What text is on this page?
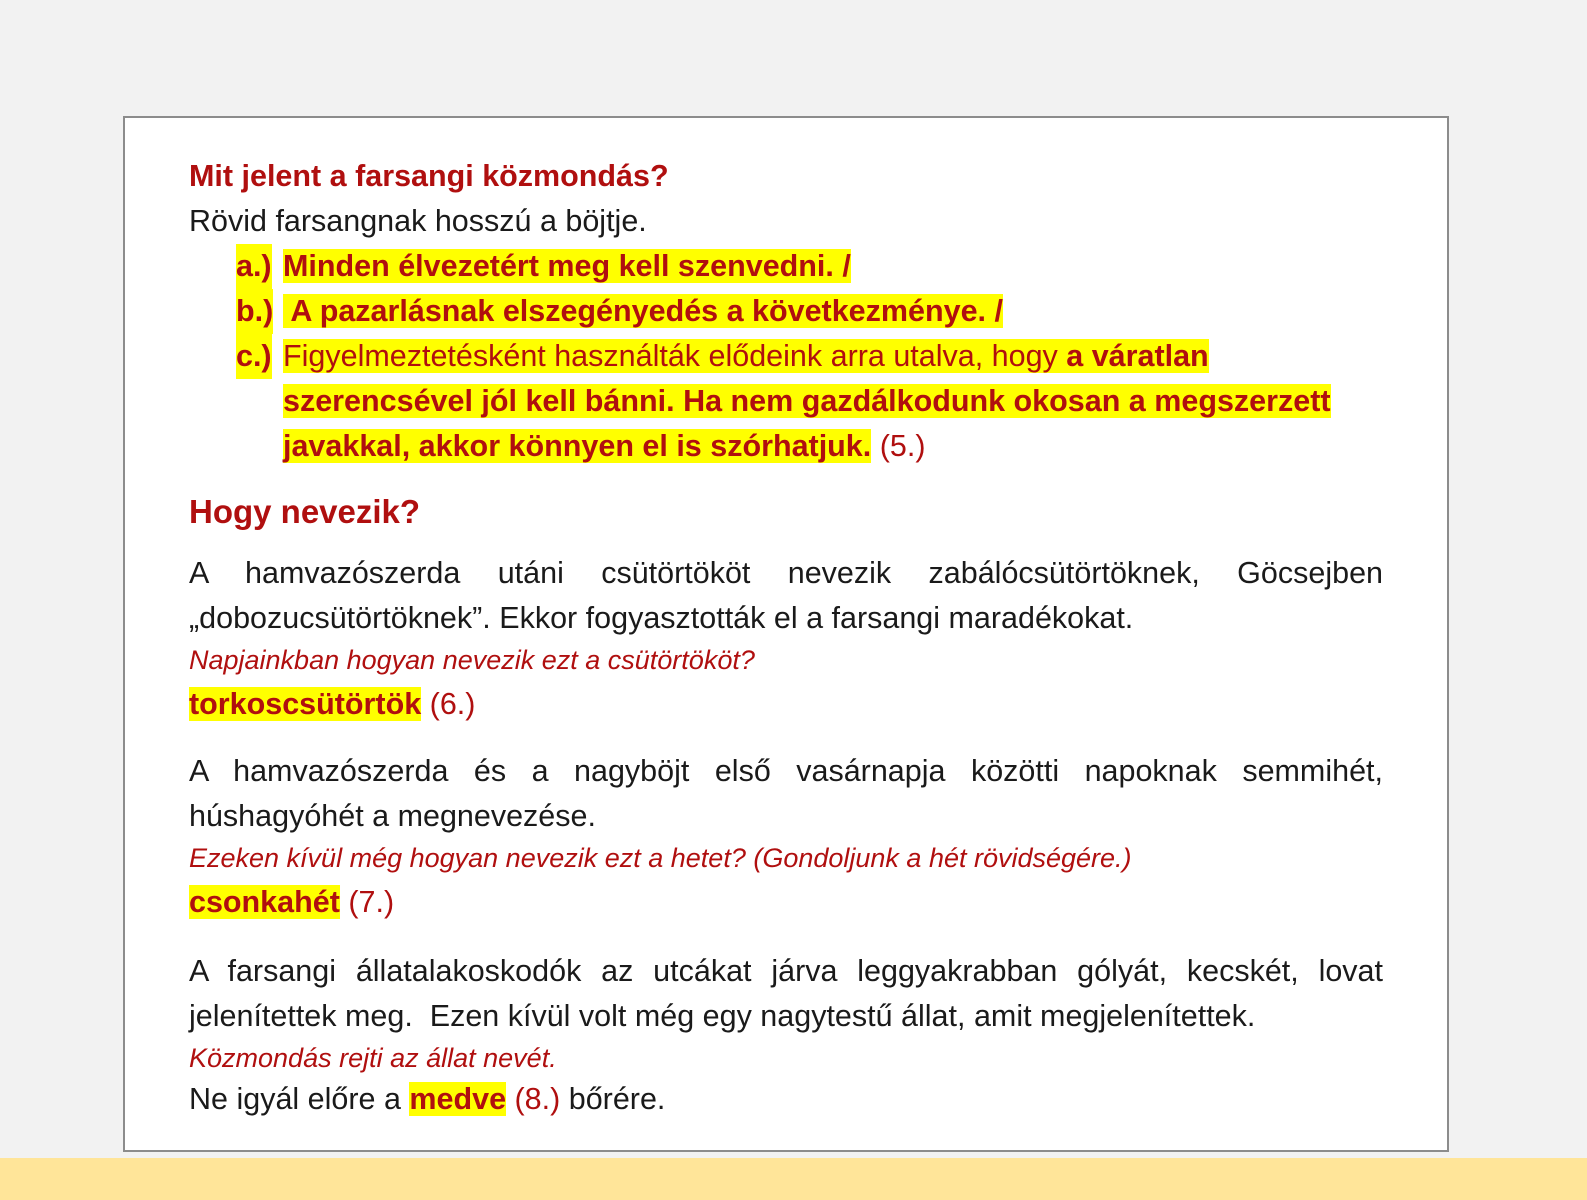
Mit jelent a farsangi közmondás?
Rövid farsangnak hosszú a böjtje.
a.) Minden élvezetért meg kell szenvedni. /
b.) A pazarlásnak elszegényedés a következménye. /
c.) Figyelmeztetésként használták elődeink arra utalva, hogy a váratlan szerencsével jól kell bánni. Ha nem gazdálkodunk okosan a megszerzett javakkal, akkor könnyen el is szórhatjuk. (5.)
Hogy nevezik?
A hamvazószerda utáni csütörtököt nevezik zabálócsütörtöknek, Göcsejben „dobozucsütörtöknek”. Ekkor fogyasztották el a farsangi maradékokat.
Napjainkban hogyan nevezik ezt a csütörtököt?
torkoscsütörtök (6.)
A hamvazószerda és a nagyböjt első vasárnapja közötti napoknak semmihét, húshagyóhét a megnevezése.
Ezeken kívül még hogyan nevezik ezt a hetet? (Gondoljunk a hét rövidségére.)
csonkahét (7.)
A farsangi állatalakoskodók az utcákat járva leggyakrabban gólyát, kecskét, lovat jelenítettek meg.  Ezen kívül volt még egy nagytestű állat, amit megjelenítettek.
Közmondás rejti az állat nevét.
Ne igyál előre a medve (8.) bőrére.
